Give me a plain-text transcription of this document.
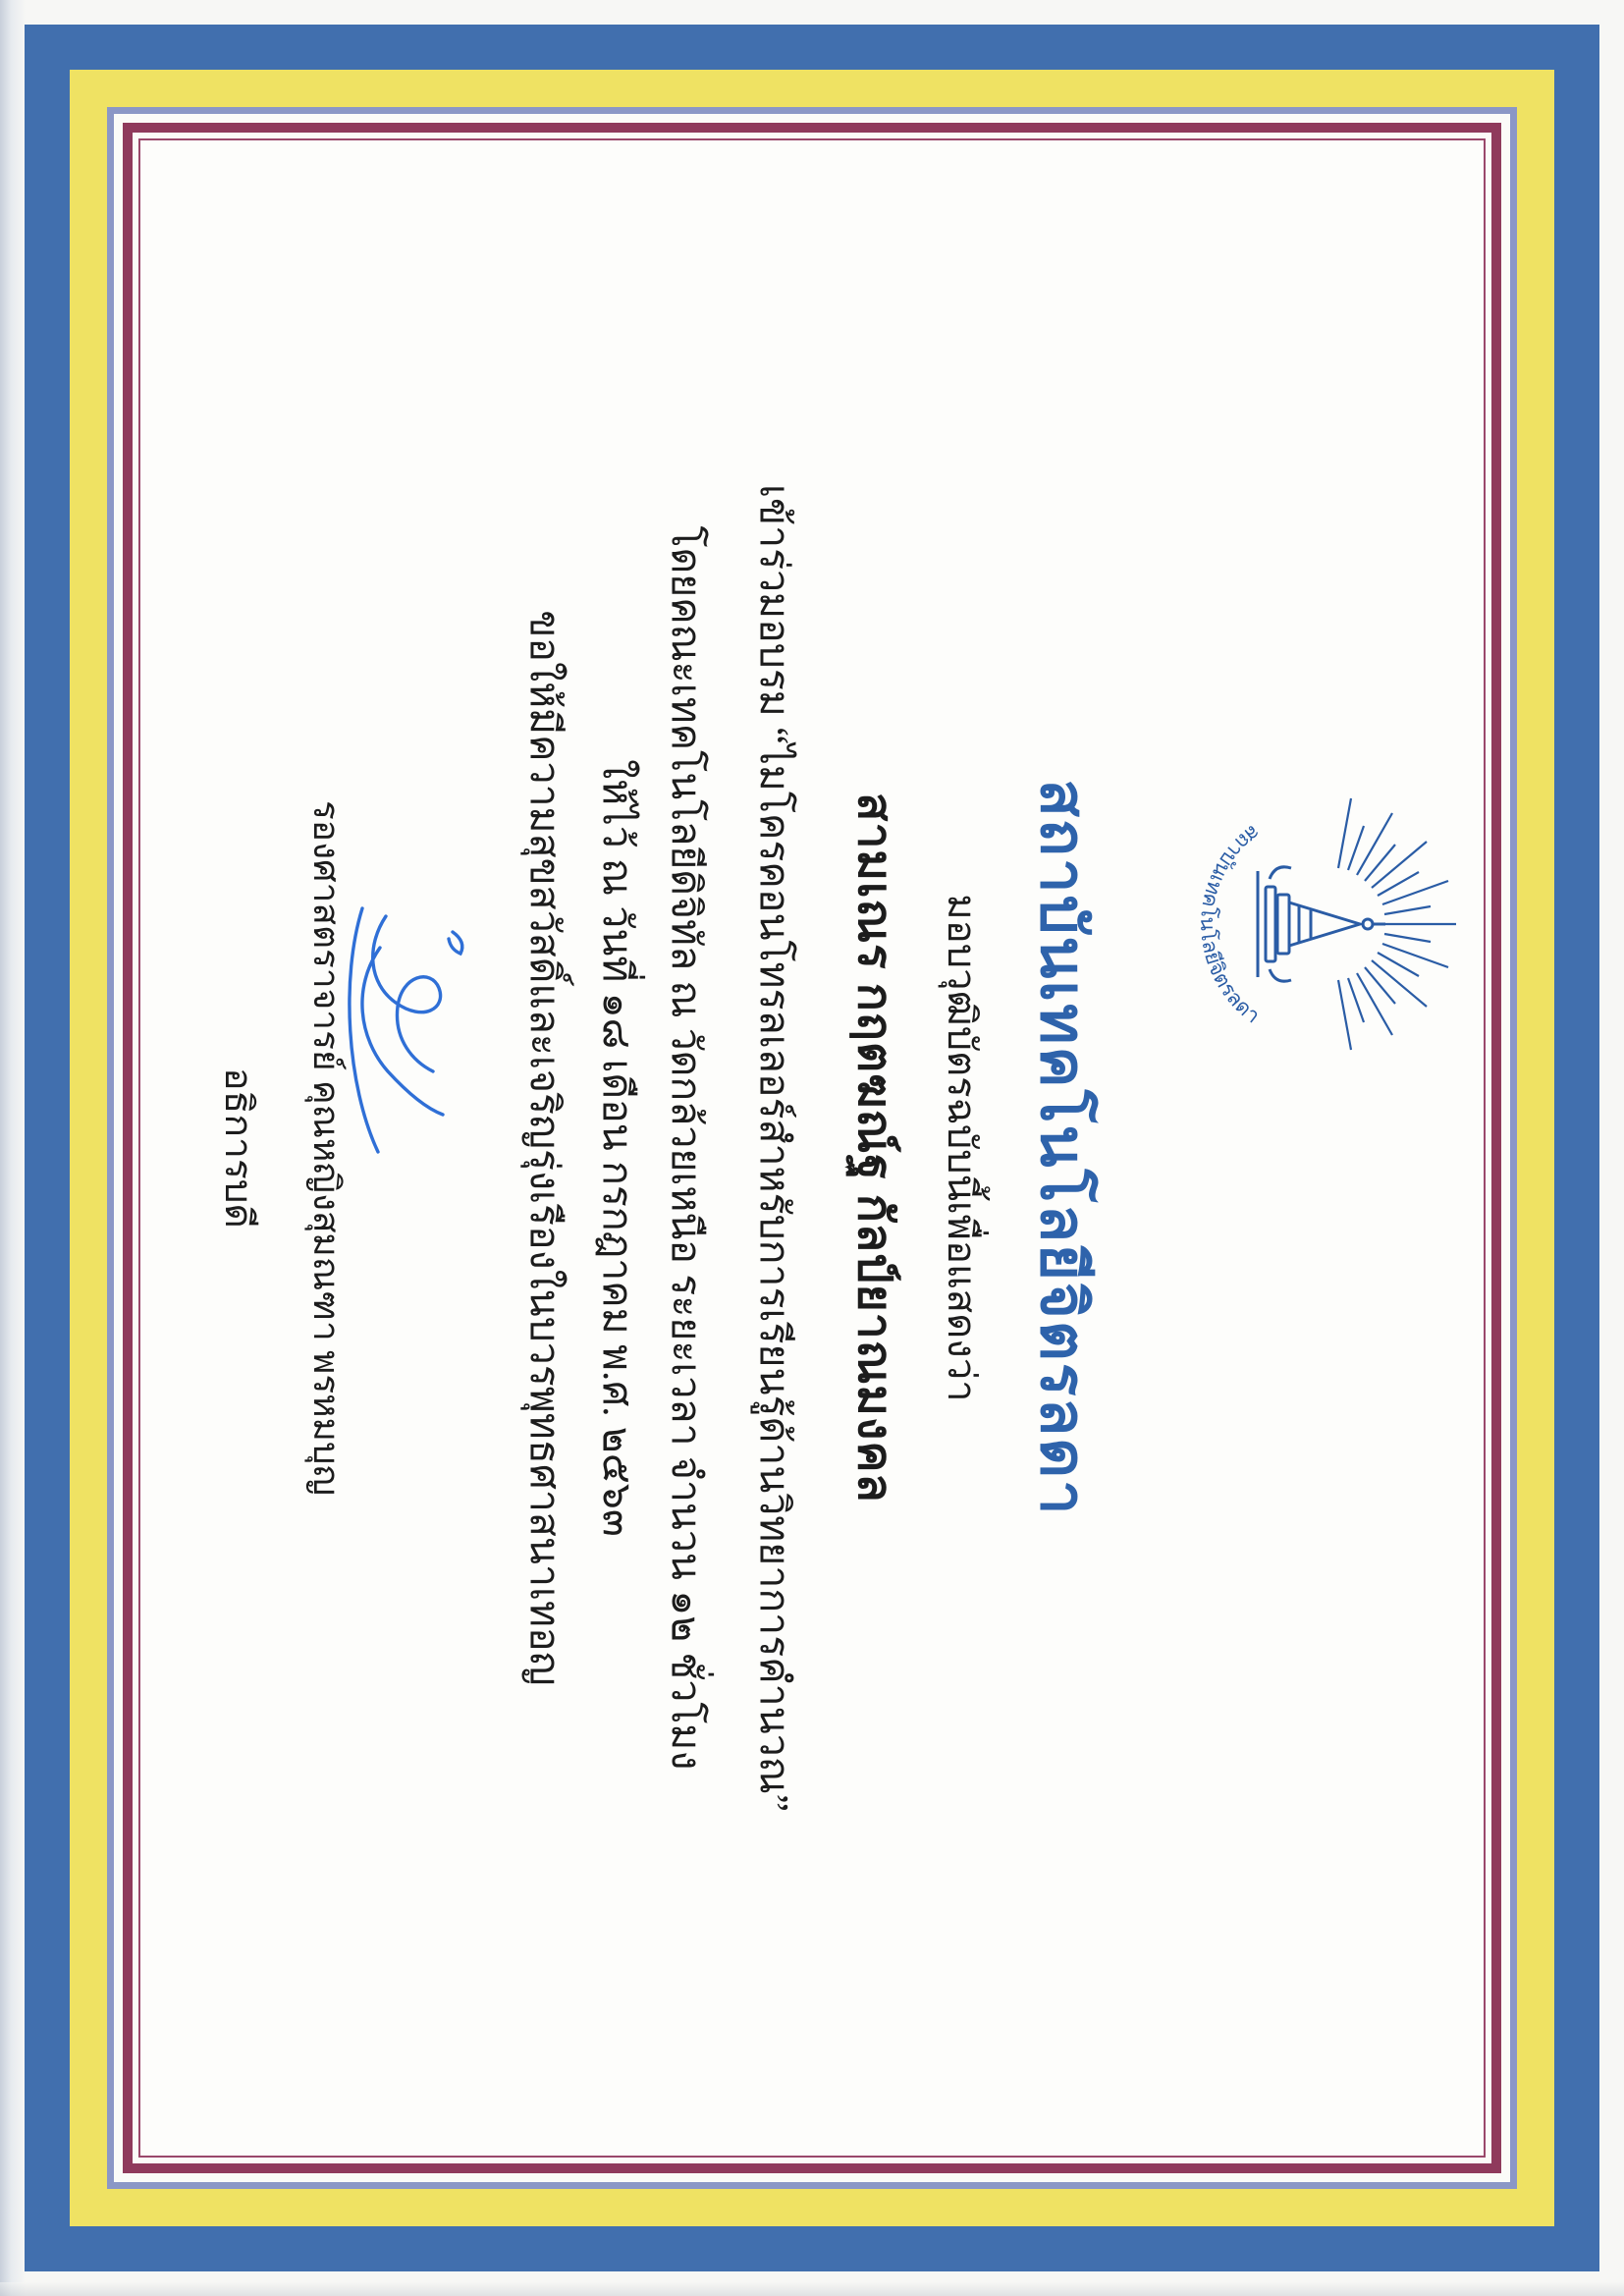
สถาบันเทคโนโลยีจิตรลดา
สถาบันเทคโนโลยีจิตรลดา
มอบวุฒิบัตรฉบับนี้เพื่อแสดงว่า
สามเณร กฤตฆณ์ฐ กัลป์ยาณมงคล
เข้าร่วมอบรม “ไมโครคอนโทรลเลอร์สำหรับการเรียนรู้ด้านวิทยาการคำนวณ”
โดยคณะเทคโนโลยีดิจิทัล ณ วัดกล้วยเหนือ ระยะเวลา จำนวน ๑๒ ชั่วโมง
ให้ไว้ ณ วันที่ ๑๘ เดือน กรกฎาคม พ.ศ. ๒๕๖๓
ขอให้มีความสุขสวัสดิ์และเจริญรุ่งเรืองในบวรพุทธศาสนาเทอญ
รองศาสตราจารย์ คุณหญิงสุมณฑา พรหมบุญ
อธิการบดี
